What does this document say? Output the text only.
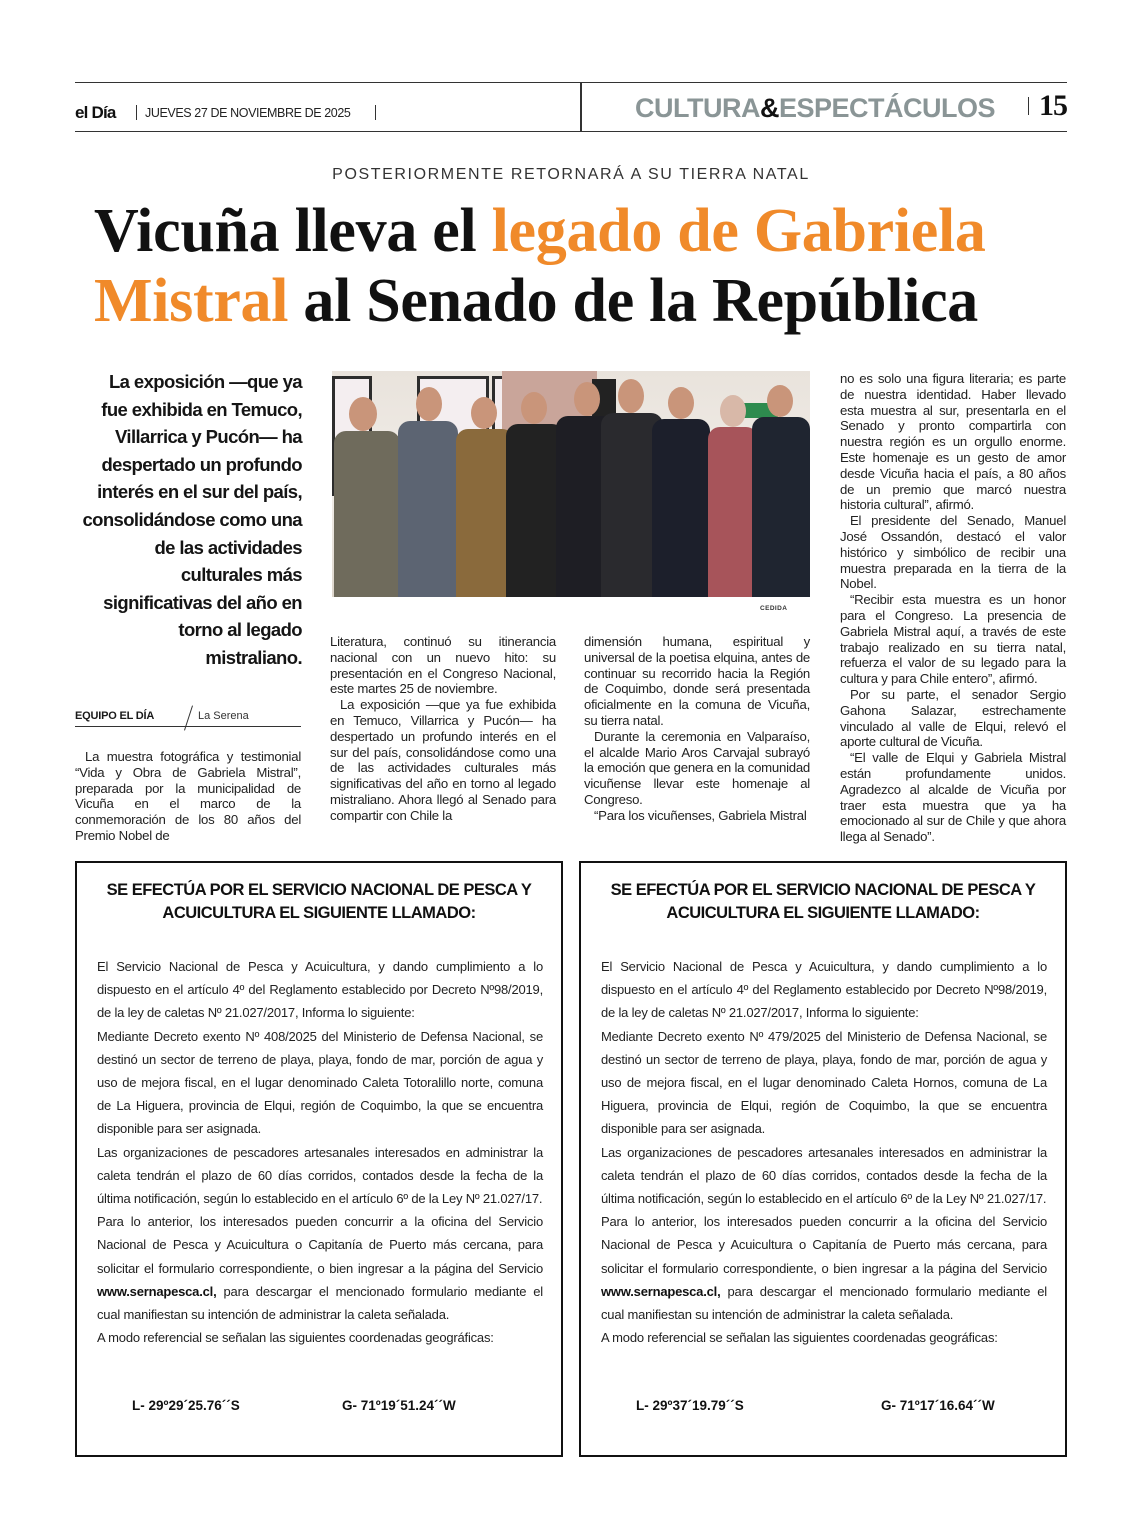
el Día JUEVES 27 DE NOVIEMBRE DE 2025	CULTURA&ESPECTÁCULOS 15
POSTERIORMENTE RETORNARÁ A SU TIERRA NATAL
Vicuña lleva el legado de Gabriela
Mistral al Senado de la República
La exposición —que ya fue exhibida en Temuco, Villarrica y Pucón— ha despertado un profundo interés en el sur del país, consolidándose como una de las actividades culturales más significativas del año en torno al legado mistraliano.
EQUIPO EL DÍA	La Serena
CEDIDA

La muestra fotográfica y testimonial “Vida y Obra de Gabriela Mistral”, preparada por la municipalidad de Vicuña en el marco de la conmemoración de los 80 años del Premio Nobel de

Literatura, continuó su itinerancia nacional con un nuevo hito: su presentación en el Congreso Nacional, este martes 25 de noviembre.

La exposición —que ya fue exhibida en Temuco, Villarrica y Pucón— ha despertado un profundo interés en el sur del país, consolidándose como una de las actividades culturales más significativas del año en torno al legado mistraliano. Ahora llegó al Senado para compartir con Chile la

dimensión humana, espiritual y universal de la poetisa elquina, antes de continuar su recorrido hacia la Región de Coquimbo, donde será presentada oficialmente en la comuna de Vicuña, su tierra natal.

Durante la ceremonia en Valparaíso, el alcalde Mario Aros Carvajal subrayó la emoción que genera en la comunidad vicuñense llevar este homenaje al Congreso.

“Para los vicuñenses, Gabriela Mistral

no es solo una figura literaria; es parte de nuestra identidad. Haber llevado esta muestra al sur, presentarla en el Senado y pronto compartirla con nuestra región es un orgullo enorme. Este homenaje es un gesto de amor desde Vicuña hacia el país, a 80 años de un premio que marcó nuestra historia cultural”, afirmó.

El presidente del Senado, Manuel José Ossandón, destacó el valor histórico y simbólico de recibir una muestra preparada en la tierra de la Nobel.

“Recibir esta muestra es un honor para el Congreso. La presencia de Gabriela Mistral aquí, a través de este trabajo realizado en su tierra natal, refuerza el valor de su legado para la cultura y para Chile entero”, afirmó.

Por su parte, el senador Sergio Gahona Salazar, estrechamente vinculado al valle de Elqui, relevó el aporte cultural de Vicuña.

“El valle de Elqui y Gabriela Mistral están profundamente unidos. Agradezco al alcalde de Vicuña por traer esta muestra que ya ha emocionado al sur de Chile y que ahora llega al Senado”.

SE EFECTÚA POR EL SERVICIO NACIONAL DE PESCA Y ACUICULTURA EL SIGUIENTE LLAMADO:
El Servicio Nacional de Pesca y Acuicultura, y dando cumplimiento a lo dispuesto en el artículo 4º del Reglamento establecido por Decreto Nº98/2019, de la ley de caletas Nº 21.027/2017, Informa lo siguiente:
Mediante Decreto exento Nº 408/2025 del Ministerio de Defensa Nacional, se destinó un sector de terreno de playa, playa, fondo de mar, porción de agua y uso de mejora fiscal, en el lugar denominado Caleta Totoralillo norte, comuna de La Higuera, provincia de Elqui, región de Coquimbo, la que se encuentra disponible para ser asignada.
Las organizaciones de pescadores artesanales interesados en administrar la caleta tendrán el plazo de 60 días corridos, contados desde la fecha de la última notificación, según lo establecido en el artículo 6º de la Ley Nº 21.027/17.
Para lo anterior, los interesados pueden concurrir a la oficina del Servicio Nacional de Pesca y Acuicultura o Capitanía de Puerto más cercana, para solicitar el formulario correspondiente, o bien ingresar a la página del Servicio www.sernapesca.cl, para descargar el mencionado formulario mediante el cual manifiestan su intención de administrar la caleta señalada.
A modo referencial se señalan las siguientes coordenadas geográficas:
L- 29º29´25.76´´S	G- 71º19´51.24´´W
SE EFECTÚA POR EL SERVICIO NACIONAL DE PESCA Y ACUICULTURA EL SIGUIENTE LLAMADO:
El Servicio Nacional de Pesca y Acuicultura, y dando cumplimiento a lo dispuesto en el artículo 4º del Reglamento establecido por Decreto Nº98/2019, de la ley de caletas Nº 21.027/2017, Informa lo siguiente:
Mediante Decreto exento Nº 479/2025 del Ministerio de Defensa Nacional, se destinó un sector de terreno de playa, playa, fondo de mar, porción de agua y uso de mejora fiscal, en el lugar denominado Caleta Hornos, comuna de La Higuera, provincia de Elqui, región de Coquimbo, la que se encuentra disponible para ser asignada.
Las organizaciones de pescadores artesanales interesados en administrar la caleta tendrán el plazo de 60 días corridos, contados desde la fecha de la última notificación, según lo establecido en el artículo 6º de la Ley Nº 21.027/17.
Para lo anterior, los interesados pueden concurrir a la oficina del Servicio Nacional de Pesca y Acuicultura o Capitanía de Puerto más cercana, para solicitar el formulario correspondiente, o bien ingresar a la página del Servicio www.sernapesca.cl, para descargar el mencionado formulario mediante el cual manifiestan su intención de administrar la caleta señalada.
A modo referencial se señalan las siguientes coordenadas geográficas:
L- 29º37´19.79´´S	G- 71º17´16.64´´W
